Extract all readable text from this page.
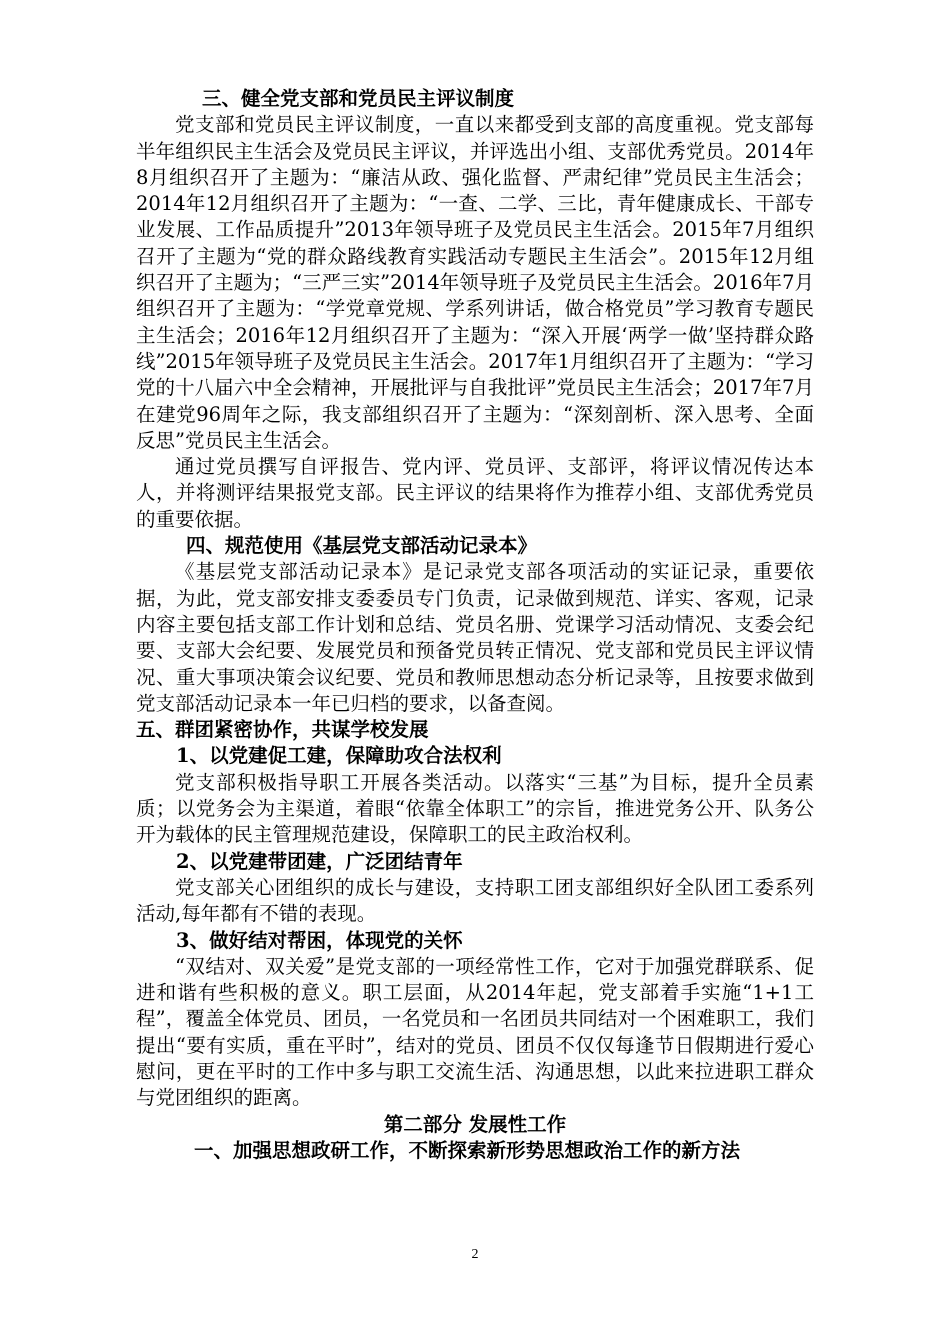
三、健全党支部和党员民主评议制度

党支部和党员民主评议制度，一直以来都受到支部的高度重视。党支部每半年组织民主生活会及党员民主评议，并评选出小组、支部优秀党员。2014年8月组织召开了主题为：“廉洁从政、强化监督、严肃纪律”党员民主生活会；2014年12月组织召开了主题为：“一查、二学、三比，青年健康成长、干部专业发展、工作品质提升”2013年领导班子及党员民主生活会。2015年7月组织召开了主题为“党的群众路线教育实践活动专题民主生活会”。2015年12月组织召开了主题为；“三严三实”2014年领导班子及党员民主生活会。2016年7月组织召开了主题为：“学党章党规、学系列讲话，做合格党员”学习教育专题民主生活会；2016年12月组织召开了主题为：“深入开展‘两学一做’坚持群众路线”2015年领导班子及党员民主生活会。2017年1月组织召开了主题为：“学习党的十八届六中全会精神，开展批评与自我批评”党员民主生活会；2017年7月在建党96周年之际，我支部组织召开了主题为：“深刻剖析、深入思考、全面反思”党员民主生活会。

通过党员撰写自评报告、党内评、党员评、支部评，将评议情况传达本人，并将测评结果报党支部。民主评议的结果将作为推荐小组、支部优秀党员的重要依据。

四、规范使用《基层党支部活动记录本》

《基层党支部活动记录本》是记录党支部各项活动的实证记录，重要依据，为此，党支部安排支委委员专门负责，记录做到规范、详实、客观，记录内容主要包括支部工作计划和总结、党员名册、党课学习活动情况、支委会纪要、支部大会纪要、发展党员和预备党员转正情况、党支部和党员民主评议情况、重大事项决策会议纪要、党员和教师思想动态分析记录等，且按要求做到党支部活动记录本一年已归档的要求，以备查阅。

五、群团紧密协作，共谋学校发展

1、以党建促工建，保障助攻合法权利

党支部积极指导职工开展各类活动。以落实“三基”为目标，提升全员素质；以党务会为主渠道，着眼“依靠全体职工”的宗旨，推进党务公开、队务公开为载体的民主管理规范建设，保障职工的民主政治权利。

2、以党建带团建，广泛团结青年

党支部关心团组织的成长与建设，支持职工团支部组织好全队团工委系列活动,每年都有不错的表现。

3、做好结对帮困，体现党的关怀

“双结对、双关爱”是党支部的一项经常性工作，它对于加强党群联系、促进和谐有些积极的意义。职工层面，从2014年起，党支部着手实施“1+1工程”，覆盖全体党员、团员，一名党员和一名团员共同结对一个困难职工，我们提出“要有实质，重在平时”，结对的党员、团员不仅仅每逢节日假期进行爱心慰问，更在平时的工作中多与职工交流生活、沟通思想，以此来拉进职工群众与党团组织的距离。

第二部分 发展性工作

一、加强思想政研工作，不断探索新形势思想政治工作的新方法

2
